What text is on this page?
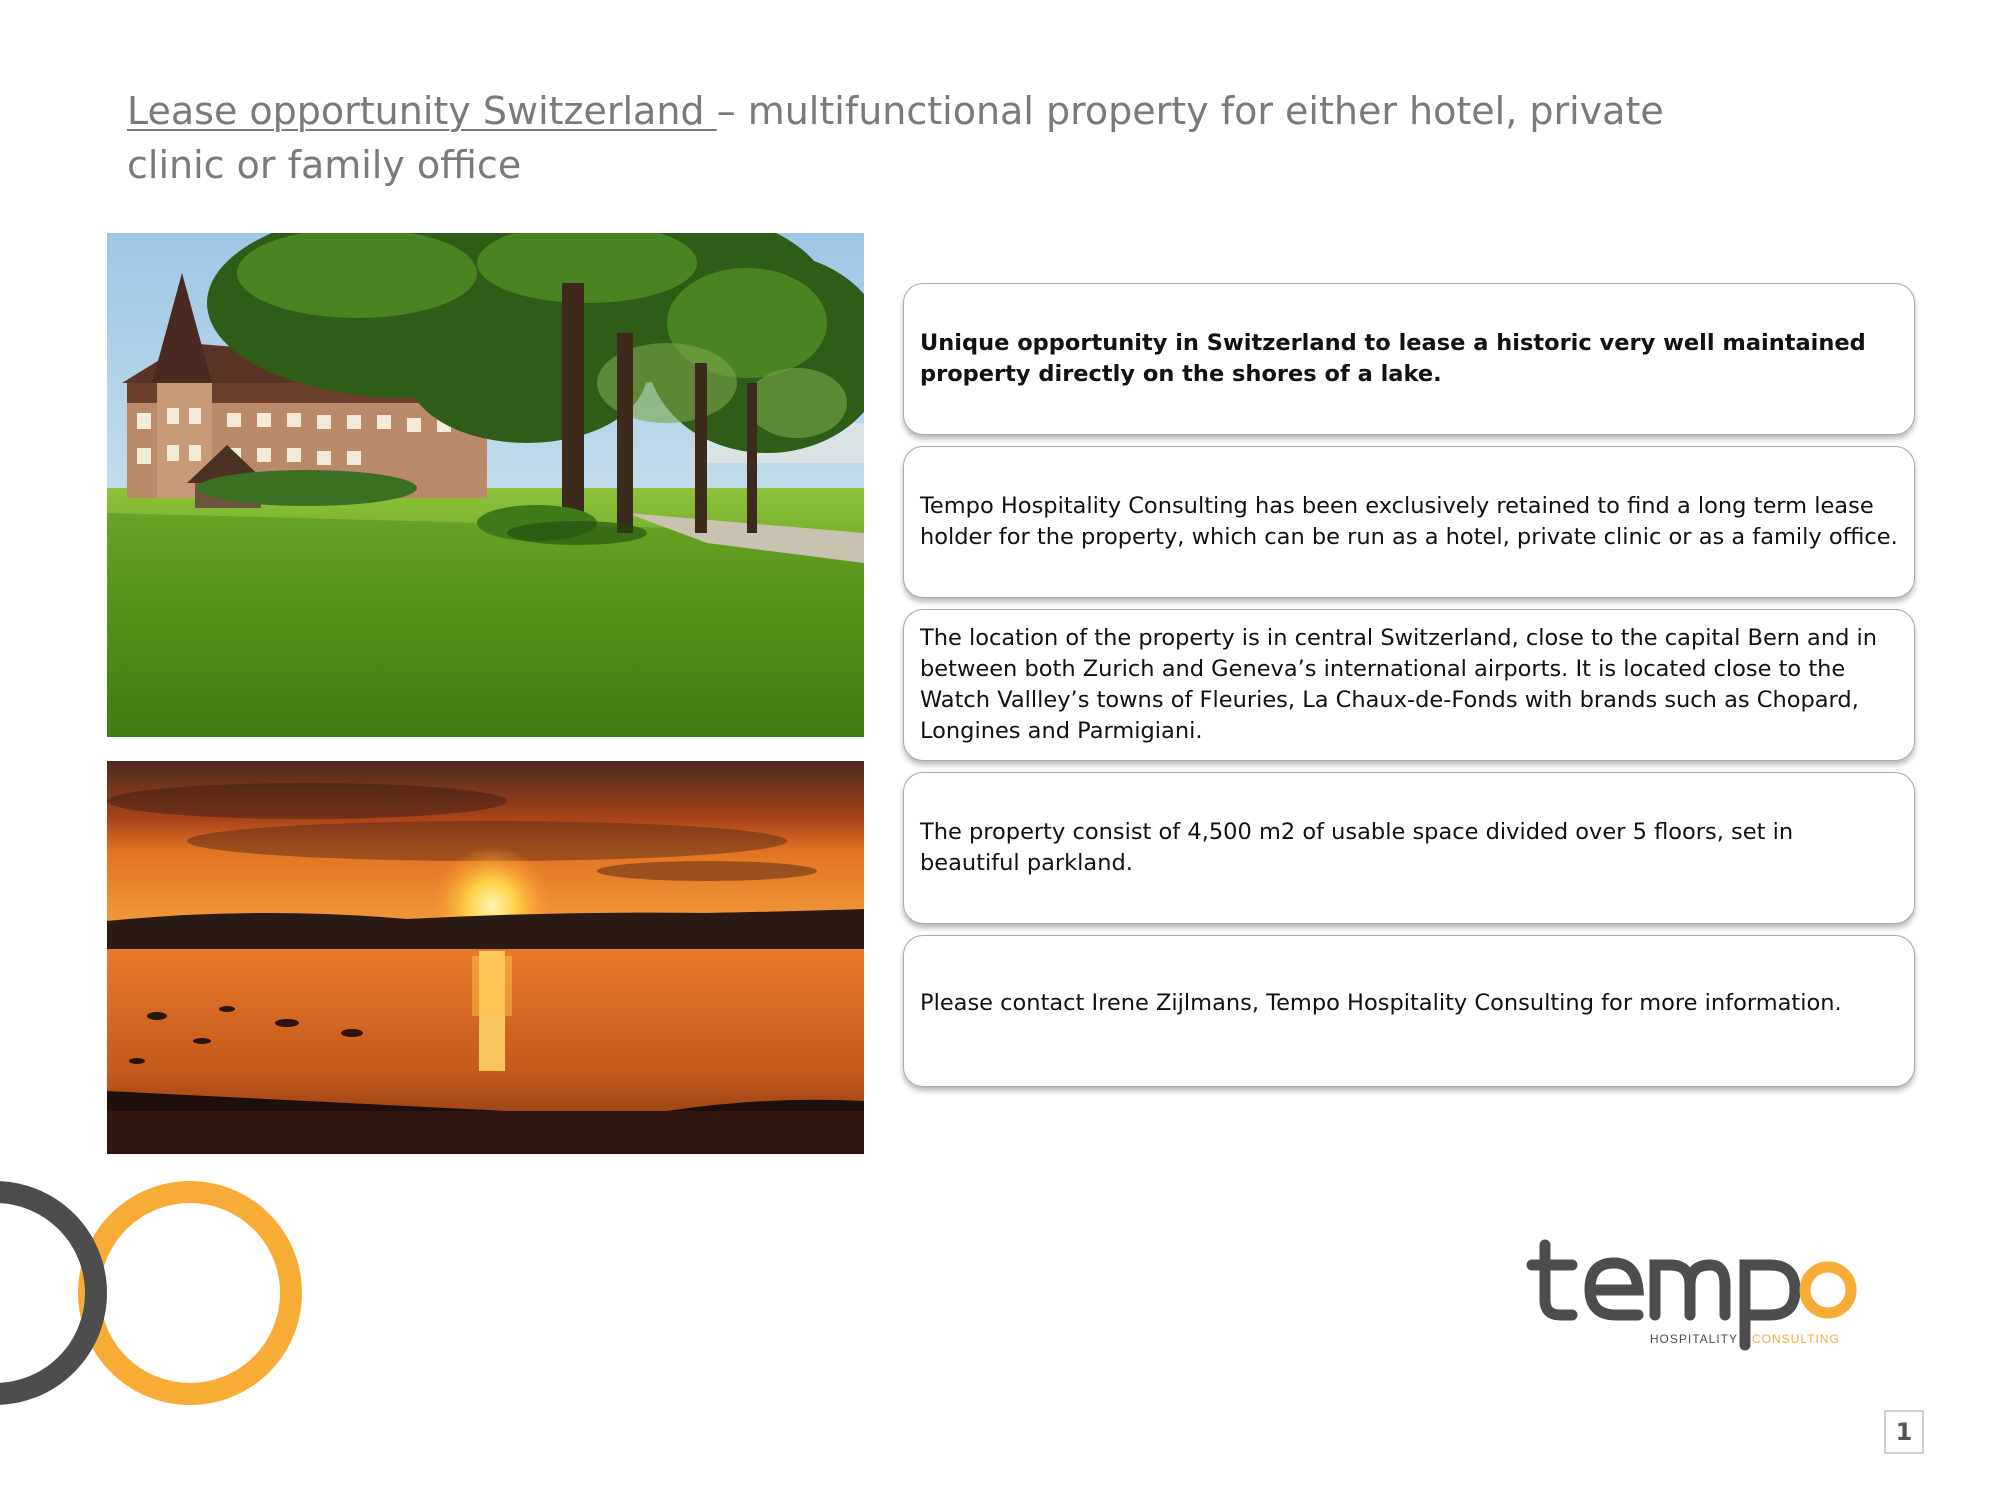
Lease opportunity Switzerland – multifunctional property for either hotel, private clinic or family office

Unique opportunity in Switzerland to lease a historic very well maintained property directly on the shores of a lake.

Tempo Hospitality Consulting has been exclusively retained to find a long term lease holder for the property, which can be run as a hotel, private clinic or as a family office.

The location of the property is in central Switzerland, close to the capital Bern and in between both Zurich and Geneva’s international airports. It is located close to the Watch Vallley’s towns of Fleuries, La Chaux-de-Fonds with brands such as Chopard, Longines and Parmigiani.

The property consist of 4,500 m2 of usable space divided over 5 floors, set in beautiful parkland.

Please contact Irene Zijlmans, Tempo Hospitality Consulting for more information.

HOSPITALITY CONSULTING
1
